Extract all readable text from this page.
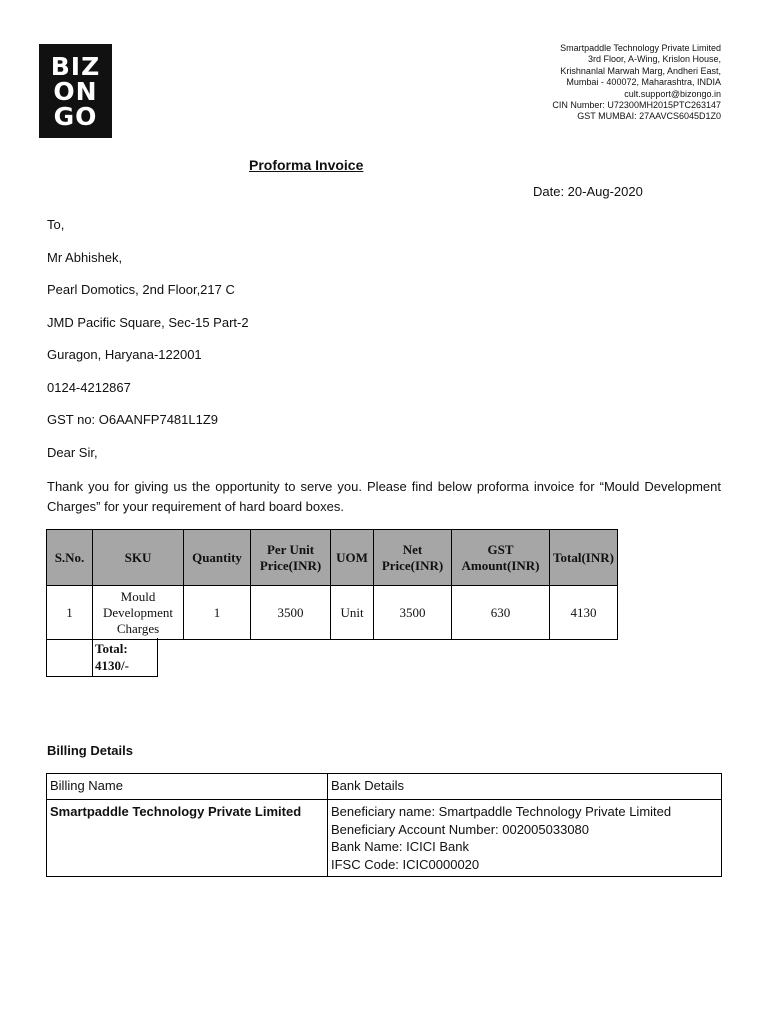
BIZ
ON
GO
Smartpaddle Technology Private Limited
3rd Floor, A-Wing, Krislon House,
Krishnanlal Marwah Marg, Andheri East,
Mumbai - 400072, Maharashtra, INDIA
cult.support@bizongo.in
CIN Number: U72300MH2015PTC263147
GST MUMBAI: 27AAVCS6045D1Z0
Proforma Invoice
Date: 20-Aug-2020
To,
Mr Abhishek,
Pearl Domotics, 2nd Floor,217 C
JMD Pacific Square, Sec-15 Part-2
Guragon, Haryana-122001
0124-4212867
GST no: O6AANFP7481L1Z9
Dear Sir,
Thank you for giving us the opportunity to serve you. Please find below proforma invoice for “Mould Development Charges” for your requirement of hard board boxes.
S.No.	SKU	Quantity	Per Unit Price(INR)	UOM	Net Price(INR)	GST Amount(INR)	Total(INR)
1	Mould Development Charges	1	3500	Unit	3500	630	4130
Total: 4130/-
Billing Details
Billing Name	Bank Details
Smartpaddle Technology Private Limited	Beneficiary name: Smartpaddle Technology Private Limited
Beneficiary Account Number: 002005033080
Bank Name: ICICI Bank
IFSC Code: ICIC0000020
